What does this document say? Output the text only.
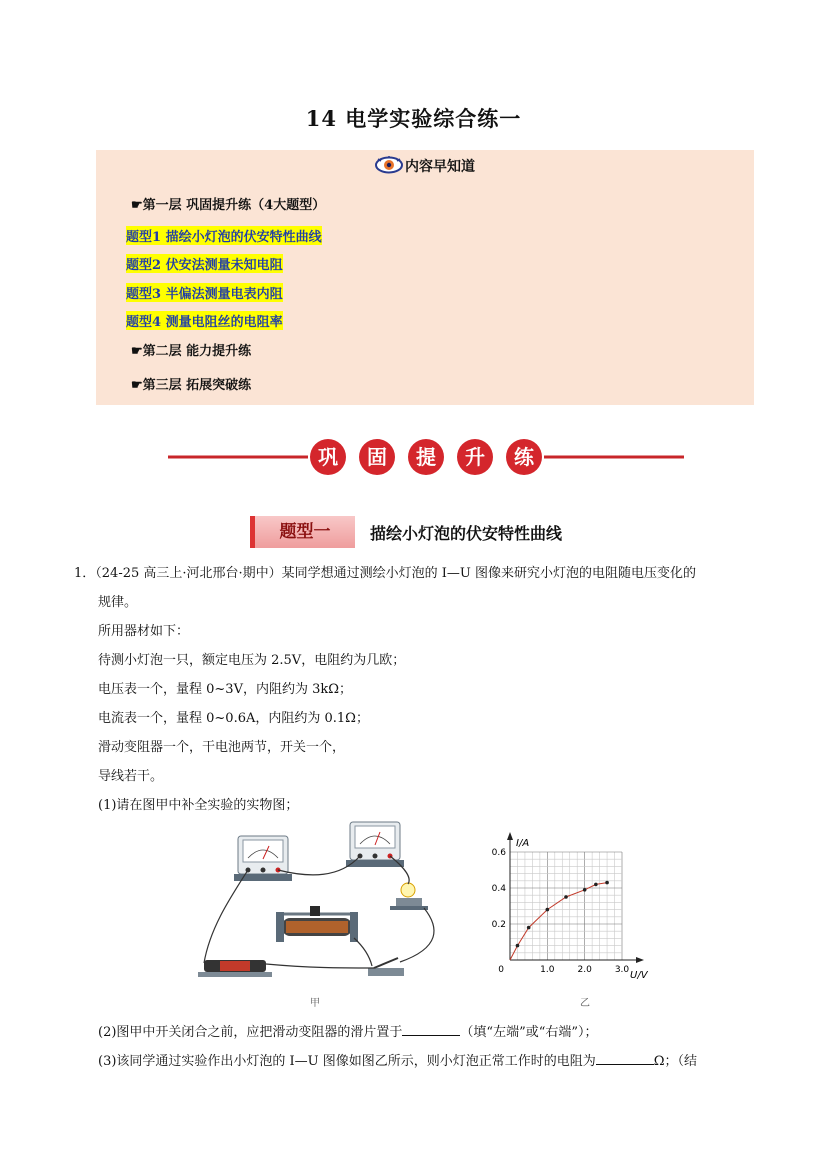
14 电学实验综合练一
内容早知道
☛第一层 巩固提升练（4大题型）
题型1 描绘小灯泡的伏安特性曲线
题型2 伏安法测量未知电阻
题型3 半偏法测量电表内阻
题型4 测量电阻丝的电阻率
☛第二层 能力提升练
☛第三层 拓展突破练
巩 固 提 升 练
题型一	描绘小灯泡的伏安特性曲线
1．（24-25 高三上·河北邢台·期中）某同学想通过测绘小灯泡的 I—U 图像来研究小灯泡的电阻随电压变化的
规律。
所用器材如下：
待测小灯泡一只，额定电压为 2.5V，电阻约为几欧；
电压表一个，量程 0~3V，内阻约为 3kΩ；
电流表一个，量程 0~0.6A，内阻约为 0.1Ω；
滑动变阻器一个，干电池两节，开关一个，
导线若干。
(1)请在图甲中补全实验的实物图；
甲
I/A
U/V
0	1.0	2.0	3.0
0.6
0.4
0.2
乙
(2)图甲中开关闭合之前，应把滑动变阻器的滑片置于	（填“左端”或“右端”）；
(3)该同学通过实验作出小灯泡的 I—U 图像如图乙所示，则小灯泡正常工作时的电阻为	Ω；（结
